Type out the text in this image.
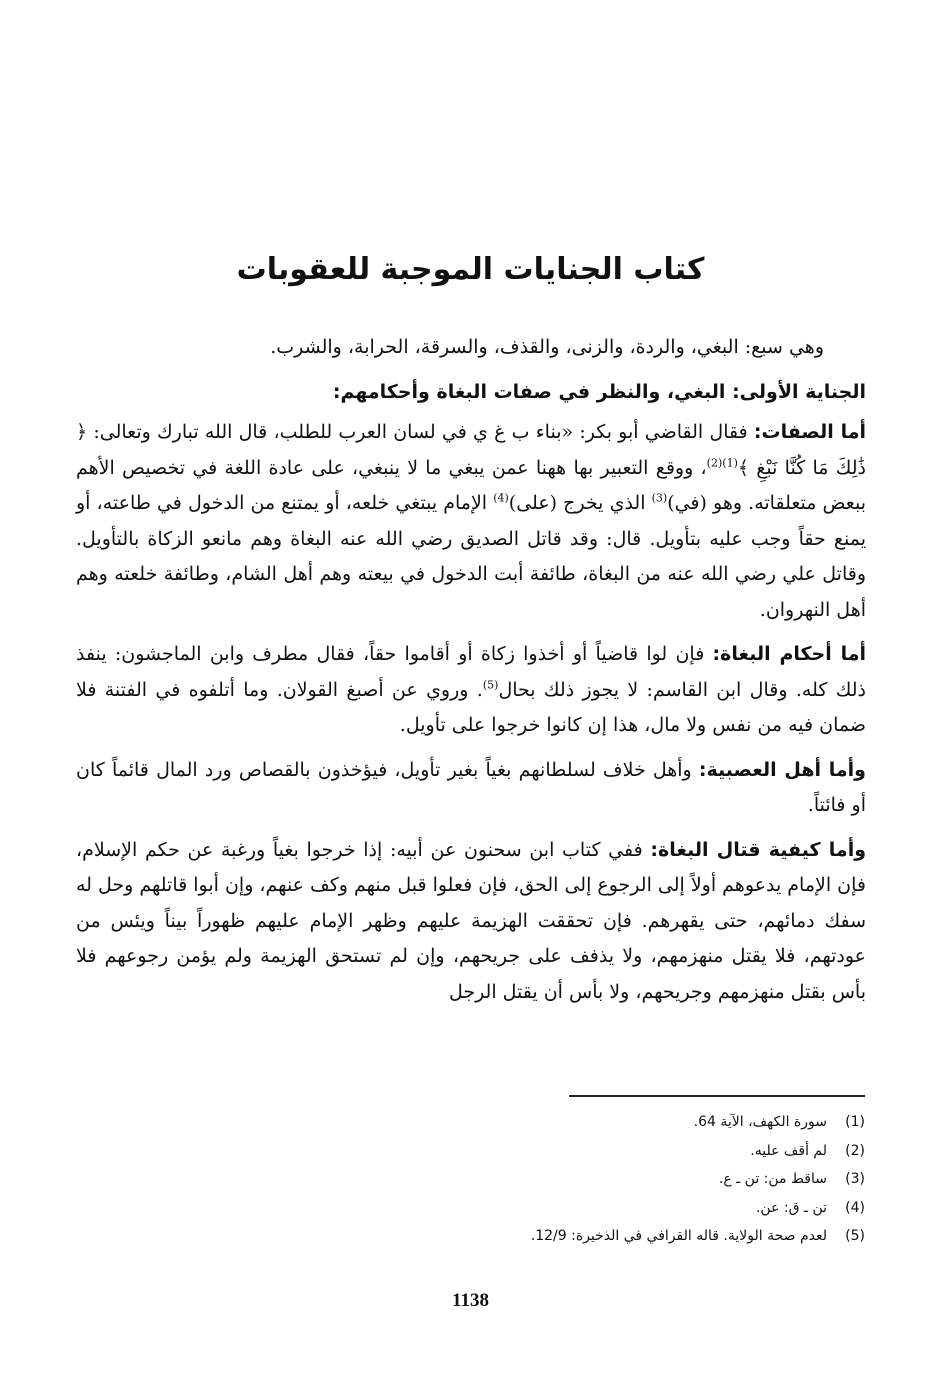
كتاب الجنايات الموجبة للعقوبات

وهي سبع: البغي، والردة، والزنى، والقذف، والسرقة، الحرابة، والشرب.

الجناية الأولى: البغي، والنظر في صفات البغاة وأحكامهم:

أما الصفات: فقال القاضي أبو بكر: «بناء ب غ ي في لسان العرب للطلب، قال الله تبارك وتعالى: ﴿ ذَٰلِكَ مَا كُنَّا نَبْغِ ﴾$^{(1)(2)}$، ووقع التعبير بها ههنا عمن يبغي ما لا ينبغي، على عادة اللغة في تخصيص الأهم ببعض متعلقاته. وهو (في)$^{(3)}$ الذي يخرج (على)$^{(4)}$ الإمام يبتغي خلعه، أو يمتنع من الدخول في طاعته، أو يمنع حقاً وجب عليه بتأويل. قال: وقد قاتل الصديق رضي الله عنه البغاة وهم مانعو الزكاة بالتأويل. وقاتل علي رضي الله عنه من البغاة، طائفة أبت الدخول في بيعته وهم أهل الشام، وطائفة خلعته وهم أهل النهروان.

أما أحكام البغاة: فإن لوا قاضياً أو أخذوا زكاة أو أقاموا حقاً، فقال مطرف وابن الماجشون: ينفذ ذلك كله. وقال ابن القاسم: لا يجوز ذلك بحال$^{(5)}$. وروي عن أصبغ القولان. وما أتلفوه في الفتنة فلا ضمان فيه من نفس ولا مال، هذا إن كانوا خرجوا على تأويل.

وأما أهل العصبية: وأهل خلاف لسلطانهم بغياً بغير تأويل، فيؤخذون بالقصاص ورد المال قائماً كان أو فائتاً.

وأما كيفية قتال البغاة: ففي كتاب ابن سحنون عن أبيه: إذا خرجوا بغياً ورغبة عن حكم الإسلام، فإن الإمام يدعوهم أولاً إلى الرجوع إلى الحق، فإن فعلوا قبل منهم وكف عنهم، وإن أبوا قاتلهم وحل له سفك دمائهم، حتى يقهرهم. فإن تحققت الهزيمة عليهم وظهر الإمام عليهم ظهوراً بيناً ويئس من عودتهم، فلا يقتل منهزمهم، ولا يذفف على جريحهم، وإن لم تستحق الهزيمة ولم يؤمن رجوعهم فلا بأس بقتل منهزمهم وجريحهم، ولا بأس أن يقتل الرجل

(1)
سورة الكهف، الآية 64.
(2)
لم أقف عليه.
(3)
ساقط من: تن ـ ع.
(4)
تن ـ ق: عن.
(5)
لعدم صحة الولاية. قاله القرافي في الذخيرة: 12/9.
1138
